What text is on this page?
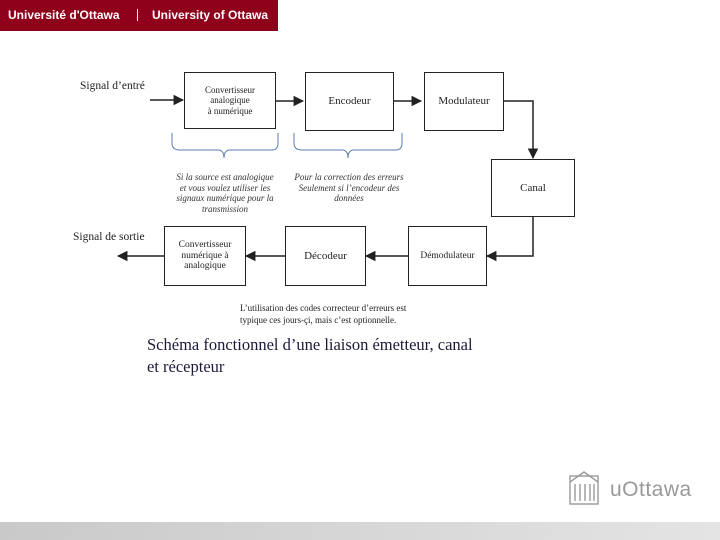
Université d'Ottawa	University of Ottawa
Signal d’entré
Signal de sortie
Convertisseur
analogique
à numérique
Encodeur	Modulateur
Canal
Démodulateur
Décodeur
Convertisseur
numérique à
analogique
Si la source est analogique
et vous voulez utiliser les
signaux numérique pour la
transmission
Pour la correction des erreurs
Seulement si l’encodeur des
données
L’utilisation des codes correcteur d’erreurs est
typique ces jours-çi, mais c’est optionnelle.
Schéma fonctionnel d’une liaison émetteur, canal
et récepteur
uOttawa
